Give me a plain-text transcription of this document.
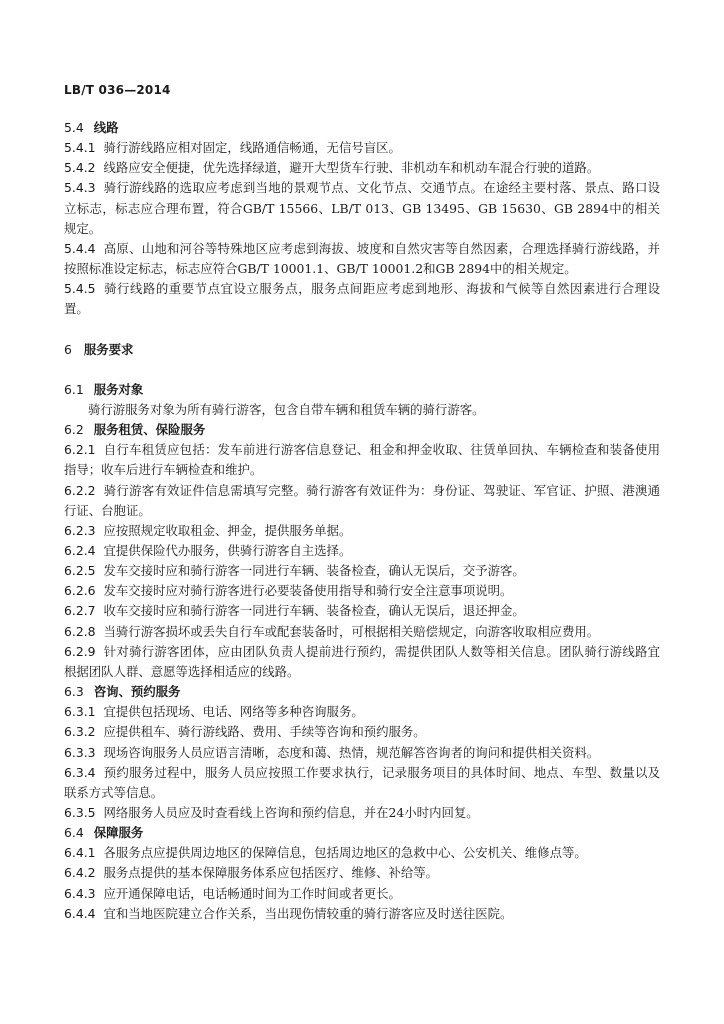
LB/T 036—2014

5.4 线路

5.4.1 骑行游线路应相对固定，线路通信畅通，无信号盲区。

5.4.2 线路应安全便捷，优先选择绿道，避开大型货车行驶、非机动车和机动车混合行驶的道路。

5.4.3 骑行游线路的选取应考虑到当地的景观节点、文化节点、交通节点。在途经主要村落、景点、路口设立标志，标志应合理布置，符合GB/T 15566、LB/T 013、GB 13495、GB 15630、GB 2894中的相关规定。

5.4.4 高原、山地和河谷等特殊地区应考虑到海拔、坡度和自然灾害等自然因素，合理选择骑行游线路，并按照标准设定标志，标志应符合GB/T 10001.1、GB/T 10001.2和GB 2894中的相关规定。

5.4.5 骑行线路的重要节点宜设立服务点，服务点间距应考虑到地形、海拔和气候等自然因素进行合理设置。

6 服务要求

6.1 服务对象

骑行游服务对象为所有骑行游客，包含自带车辆和租赁车辆的骑行游客。

6.2 服务租赁、保险服务

6.2.1 自行车租赁应包括：发车前进行游客信息登记、租金和押金收取、往赁单回执、车辆检查和装备使用指导；收车后进行车辆检查和维护。

6.2.2 骑行游客有效证件信息需填写完整。骑行游客有效证件为：身份证、驾驶证、军官证、护照、港澳通行证、台胞证。

6.2.3 应按照规定收取租金、押金，提供服务单据。

6.2.4 宜提供保险代办服务，供骑行游客自主选择。

6.2.5 发车交接时应和骑行游客一同进行车辆、装备检查，确认无误后，交予游客。

6.2.6 发车交接时应对骑行游客进行必要装备使用指导和骑行安全注意事项说明。

6.2.7 收车交接时应和骑行游客一同进行车辆、装备检查，确认无误后，退还押金。

6.2.8 当骑行游客损坏或丢失自行车或配套装备时，可根据相关赔偿规定，向游客收取相应费用。

6.2.9 针对骑行游客团体，应由团队负责人提前进行预约，需提供团队人数等相关信息。团队骑行游线路宜根据团队人群、意愿等选择相适应的线路。

6.3 咨询、预约服务

6.3.1 宜提供包括现场、电话、网络等多种咨询服务。

6.3.2 应提供租车、骑行游线路、费用、手续等咨询和预约服务。

6.3.3 现场咨询服务人员应语言清晰，态度和蔼、热情，规范解答咨询者的询问和提供相关资料。

6.3.4 预约服务过程中，服务人员应按照工作要求执行，记录服务项目的具体时间、地点、车型、数量以及联系方式等信息。

6.3.5 网络服务人员应及时查看线上咨询和预约信息，并在24小时内回复。

6.4 保障服务

6.4.1 各服务点应提供周边地区的保障信息，包括周边地区的急救中心、公安机关、维修点等。

6.4.2 服务点提供的基本保障服务体系应包括医疗、维修、补给等。

6.4.3 应开通保障电话，电话畅通时间为工作时间或者更长。

6.4.4 宜和当地医院建立合作关系，当出现伤情较重的骑行游客应及时送往医院。
